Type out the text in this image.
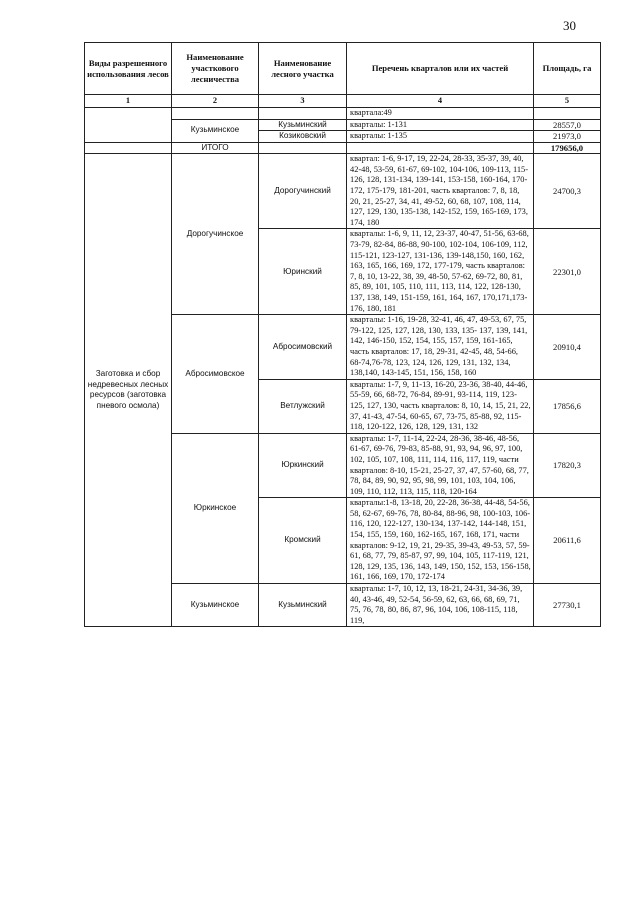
30
Виды разрешенного использования лесов	Наименование участкового лесничества	Наименование лесного участка	Перечень кварталов или их частей	Площадь, га
1	2	3	4	5
			квартала:49	
	Кузьминское	Кузьминский	кварталы: 1-131	28557,0
		Козиковский	кварталы: 1-135	21973,0
	ИТОГО			179656,0
Заготовка и сбор недревесных лесных ресурсов (заготовка пневого осмола)	Дорогучинское	Дорогучинский	квартал: 1-6, 9-17, 19, 22-24, 28-33, 35-37, 39, 40, 42-48, 53-59, 61-67, 69-102, 104-106, 109-113, 115-126, 128, 131-134, 139-141, 153-158, 160-164, 170-172, 175-179, 181-201, часть кварталов: 7, 8, 18, 20, 21, 25-27, 34, 41, 49-52, 60, 68, 107, 108, 114, 127, 129, 130, 135-138, 142-152, 159, 165-169, 173, 174, 180	24700,3
		Юринский	кварталы: 1-6, 9, 11, 12, 23-37, 40-47, 51-56, 63-68, 73-79, 82-84, 86-88, 90-100, 102-104, 106-109, 112, 115-121, 123-127, 131-136, 139-148,150, 160, 162, 163, 165, 166, 169, 172, 177-179, часть кварталов: 7, 8, 10, 13-22, 38, 39, 48-50, 57-62, 69-72, 80, 81, 85, 89, 101, 105, 110, 111, 113, 114, 122, 128-130, 137, 138, 149, 151-159, 161, 164, 167, 170,171,173-176, 180, 181	22301,0
	Абросимовское	Абросимовский	кварталы: 1-16, 19-28, 32-41, 46, 47, 49-53, 67, 75, 79-122, 125, 127, 128, 130, 133, 135- 137, 139, 141, 142, 146-150, 152, 154, 155, 157, 159, 161-165, часть кварталов: 17, 18, 29-31, 42-45, 48, 54-66, 68-74,76-78, 123, 124, 126, 129, 131, 132, 134, 138,140, 143-145, 151, 156, 158, 160	20910,4
		Ветлужский	кварталы: 1-7, 9, 11-13, 16-20, 23-36, 38-40, 44-46, 55-59, 66, 68-72, 76-84, 89-91, 93-114, 119, 123-125, 127, 130, часть кварталов: 8, 10, 14, 15, 21, 22, 37, 41-43, 47-54, 60-65, 67, 73-75, 85-88, 92, 115-118, 120-122, 126, 128, 129, 131, 132	17856,6
	Юркинское	Юркинский	кварталы: 1-7, 11-14, 22-24, 28-36, 38-46, 48-56, 61-67, 69-76, 79-83, 85-88, 91, 93, 94, 96, 97, 100, 102, 105, 107, 108, 111, 114, 116, 117, 119, части кварталов: 8-10, 15-21, 25-27, 37, 47, 57-60, 68, 77, 78, 84, 89, 90, 92, 95, 98, 99, 101, 103, 104, 106, 109, 110, 112, 113, 115, 118, 120-164	17820,3
		Кромский	кварталы:1-8, 13-18, 20, 22-28, 36-38, 44-48, 54-56, 58, 62-67, 69-76, 78, 80-84, 88-96, 98, 100-103, 106-116, 120, 122-127, 130-134, 137-142, 144-148, 151, 154, 155, 159, 160, 162-165, 167, 168, 171, части кварталов: 9-12, 19, 21, 29-35, 39-43, 49-53, 57, 59-61, 68, 77, 79, 85-87, 97, 99, 104, 105, 117-119, 121, 128, 129, 135, 136, 143, 149, 150, 152, 153, 156-158, 161, 166, 169, 170, 172-174	20611,6
	Кузьминское	Кузьминский	кварталы: 1-7, 10, 12, 13, 18-21, 24-31, 34-36, 39, 40, 43-46, 49, 52-54, 56-59, 62, 63, 66, 68, 69, 71, 75, 76, 78, 80, 86, 87, 96, 104, 106, 108-115, 118, 119,	27730,1
